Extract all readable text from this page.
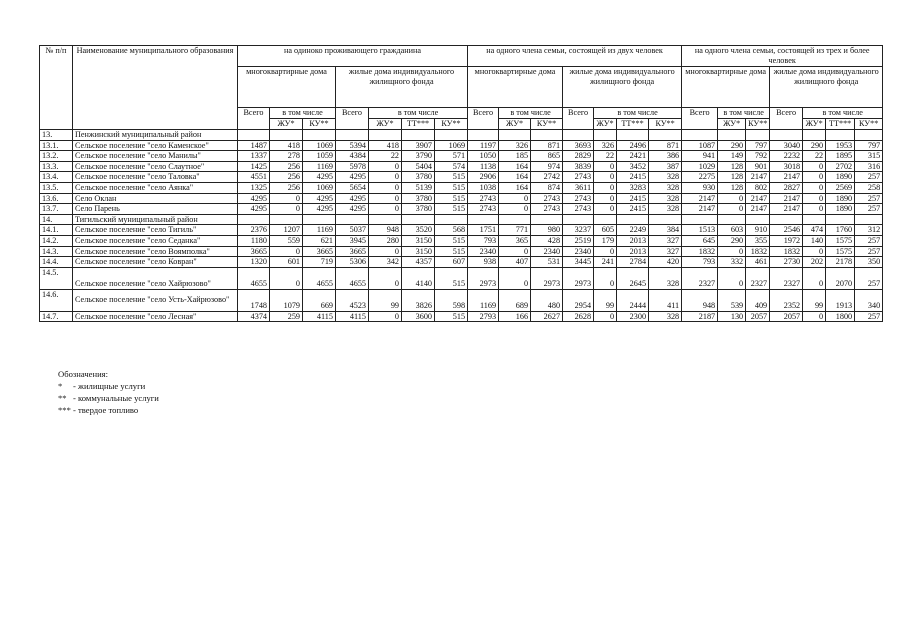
№ п/п	Наименование муниципального образования	на одиноко проживающего гражданина							на одного члена семьи, состоящей из двух человек							на одного члена семьи, состоящей из трех и более человек						
		многоквартирные дома			жилые дома индивидуального жилищного фонда				многоквартирные дома			жилые дома индивидуального жилищного фонда				многоквартирные дома			жилые дома индивидуального жилищного фонда			
		Всего	в том числе		Всего	в том числе			Всего	в том числе		Всего	в том числе			Всего	в том числе		Всего	в том числе		
			ЖУ*	КУ**		ЖУ*	ТТ***	КУ**		ЖУ*	КУ**		ЖУ*	ТТ***	КУ**		ЖУ*	КУ**		ЖУ*	ТТ***	КУ**
13.	Пенжинский муниципальный район																					
13.1.	Сельское поселение "село Каменское"	1487	418	1069	5394	418	3907	1069	1197	326	871	3693	326	2496	871	1087	290	797	3040	290	1953	797
13.2.	Сельское поселение "село Манилы"	1337	278	1059	4384	22	3790	571	1050	185	865	2829	22	2421	386	941	149	792	2232	22	1895	315
13.3.	Сельское поселение "село Слаутное"	1425	256	1169	5978	0	5404	574	1138	164	974	3839	0	3452	387	1029	128	901	3018	0	2702	316
13.4.	Сельское поселение "село Таловка"	4551	256	4295	4295	0	3780	515	2906	164	2742	2743	0	2415	328	2275	128	2147	2147	0	1890	257
13.5.	Сельское поселение "село Аянка"	1325	256	1069	5654	0	5139	515	1038	164	874	3611	0	3283	328	930	128	802	2827	0	2569	258
13.6.	Село Оклан	4295	0	4295	4295	0	3780	515	2743	0	2743	2743	0	2415	328	2147	0	2147	2147	0	1890	257
13.7.	Село Парень	4295	0	4295	4295	0	3780	515	2743	0	2743	2743	0	2415	328	2147	0	2147	2147	0	1890	257
14.	Тигильский муниципальный район																					
14.1.	Сельское поселение "село Тигиль"	2376	1207	1169	5037	948	3520	568	1751	771	980	3237	605	2249	384	1513	603	910	2546	474	1760	312
14.2.	Сельское поселение "село Седанка"	1180	559	621	3945	280	3150	515	793	365	428	2519	179	2013	327	645	290	355	1972	140	1575	257
14.3.	Сельское поселение "село Воямполка"	3665	0	3665	3665	0	3150	515	2340	0	2340	2340	0	2013	327	1832	0	1832	1832	0	1575	257
14.4.	Сельское поселение "село Ковран"	1320	601	719	5306	342	4357	607	938	407	531	3445	241	2784	420	793	332	461	2730	202	2178	350
14.5.	Сельское поселение "село Хайрюзово"	4655	0	4655	4655	0	4140	515	2973	0	2973	2973	0	2645	328	2327	0	2327	2327	0	2070	257
14.6.	Сельское поселение "село Усть-Хайрюзово"	1748	1079	669	4523	99	3826	598	1169	689	480	2954	99	2444	411	948	539	409	2352	99	1913	340
14.7.	Сельское поселение "село Лесная"	4374	259	4115	4115	0	3600	515	2793	166	2627	2628	0	2300	328	2187	130	2057	2057	0	1800	257
Обозначения:
* - жилищные услуги
** - коммунальные услуги
*** - твердое топливо
